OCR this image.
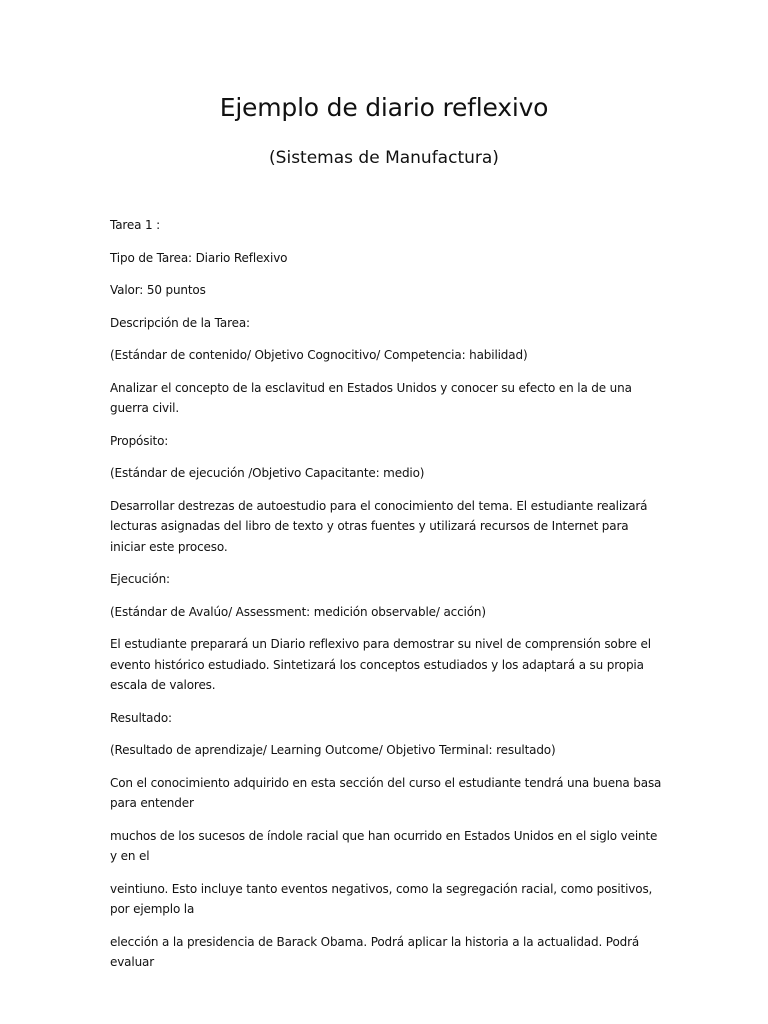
Ejemplo de diario reflexivo
(Sistemas de Manufactura)

Tarea 1 :

Tipo de Tarea: Diario Reflexivo

Valor: 50 puntos

Descripción de la Tarea:

(Estándar de contenido/ Objetivo Cognocitivo/ Competencia: habilidad)

Analizar el concepto de la esclavitud en Estados Unidos y conocer su efecto en la de una guerra civil.

Propósito:

(Estándar de ejecución /Objetivo Capacitante: medio)

Desarrollar destrezas de autoestudio para el conocimiento del tema. El estudiante realizará lecturas asignadas del libro de texto y otras fuentes y utilizará recursos de Internet para iniciar este proceso.

Ejecución:

(Estándar de Avalúo/ Assessment: medición observable/ acción)

El estudiante preparará un Diario reflexivo para demostrar su nivel de comprensión sobre el evento histórico estudiado. Sintetizará los conceptos estudiados y los adaptará a su propia escala de valores.

Resultado:

(Resultado de aprendizaje/ Learning Outcome/ Objetivo Terminal: resultado)

Con el conocimiento adquirido en esta sección del curso el estudiante tendrá una buena basa para entender

muchos de los sucesos de índole racial que han ocurrido en Estados Unidos en el siglo veinte y en el

veintiuno. Esto incluye tanto eventos negativos, como la segregación racial, como positivos, por ejemplo la

elección a la presidencia de Barack Obama. Podrá aplicar la historia a la actualidad. Podrá evaluar
